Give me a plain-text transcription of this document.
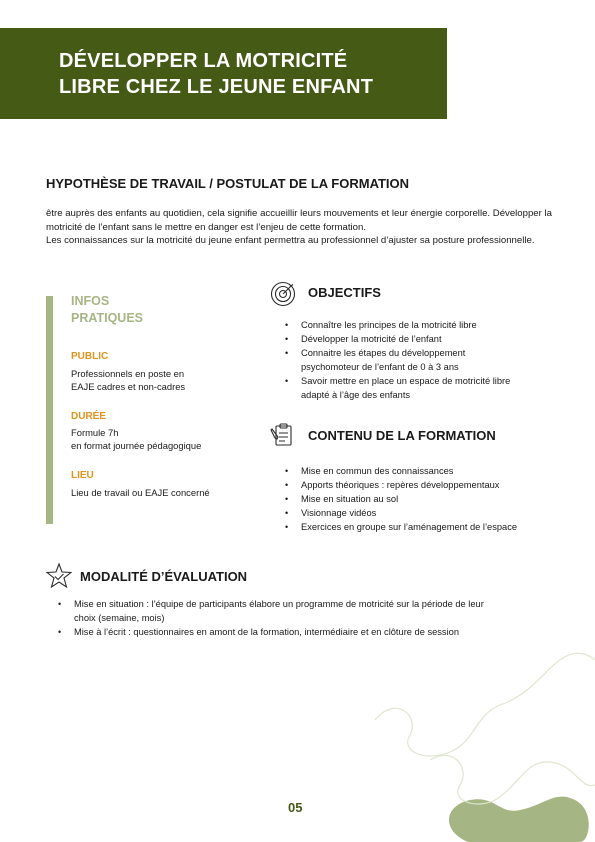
DÉVELOPPER LA MOTRICITÉ
LIBRE CHEZ LE JEUNE ENFANT
HYPOTHÈSE DE TRAVAIL / POSTULAT DE LA FORMATION

être auprès des enfants au quotidien, cela signifie accueillir leurs mouvements et leur énergie corporelle. Développer la motricité de l’enfant sans le mettre en danger est l’enjeu de cette formation.

Les connaissances sur la motricité du jeune enfant permettra au professionnel d’ajuster sa posture professionnelle.

INFOS
PRATIQUES
PUBLIC
Professionnels en poste en
EAJE cadres et non-cadres
DURÉE
Formule 7h
en format journée pédagogique
LIEU
Lieu de travail ou EAJE concerné
OBJECTIFS
• Connaître les principes de la motricité libre
• Développer la motricité de l’enfant
• Connaitre les étapes du développement
psychomoteur de l’enfant de 0 à 3 ans
• Savoir mettre en place un espace de motricité libre
adapté à l’âge des enfants
CONTENU DE LA FORMATION
• Mise en commun des connaissances
• Apports théoriques : repères développementaux
• Mise en situation au sol
• Visionnage vidéos
• Exercices en groupe sur l’aménagement de l’espace
MODALITÉ D’ÉVALUATION
• Mise en situation : l’équipe de participants élabore un programme de motricité sur la période de leur
choix (semaine, mois)
• Mise à l’écrit : questionnaires en amont de la formation, intermédiaire et en clôture de session
05
